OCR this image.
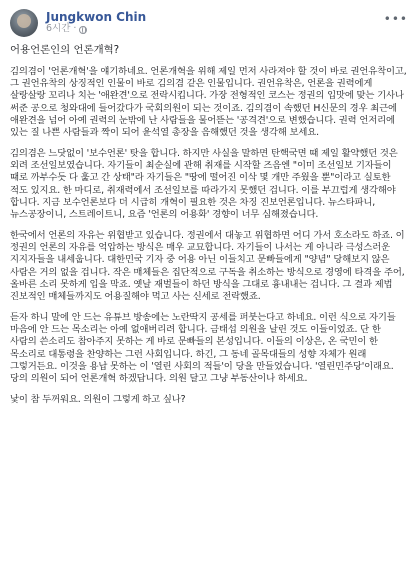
Jungkwon Chin
6시간 ·
•••

어용언론인의 언론개혁?

김의겸이 '언론개혁'을 얘기하네요. 언론개혁을 위해 제일 먼저 사라져야 할 것이 바로 권언유착이고, 그 권언유착의 상징적인 인물이 바로 김의겸 같은 인물입니다. 권언유착은, 언론을 권력에게 살랑살랑 꼬리나 치는 '애완견'으로 전락시킵니다. 가장 전형적인 코스는 정권의 입맛에 맞는 기사나 써준 공으로 청와대에 들어갔다가 국회의원이 되는 것이죠. 김의겸이 속했던 H신문의 경우 최근에 애완견을 넘어 아예 권력의 눈밖에 난 사람들을 물어뜯는 '공격견'으로 변했습니다. 권력 언저리에 있는 질 나쁜 사람들과 짝이 되어 윤석열 총장을 음해했던 것을 생각해 보세요.

김의겸은 느닷없이 '보수언론' 탓을 합니다. 하지만 사실을 말하면 탄핵국면 때 제일 활약했던 것은 외려 조선일보였습니다. 자기들이 최순실에 관해 취재를 시작할 즈음엔 "이미 조선일보 기자들이 때로 까부수듯 다 훑고 간 상태"라 자기들은 "땅에 떨어진 이삭 몇 개만 주웠을 뿐"이라고 실토한 적도 있지요. 한 마디로, 취재력에서 조선일보를 따라가지 못했던 겁니다. 이를 부끄럽게 생각해야 합니다. 지금 보수언론보다 더 시급히 개혁이 필요한 것은 차징 진보언론입니다. 뉴스타파니, 뉴스공장이니, 스트레이트니, 요즘 '언론의 어용화' 경향이 너무 심해졌습니다.

한국에서 언론의 자유는 위협받고 있습니다. 정권에서 대놓고 위협하면 어디 가서 호소라도 하죠. 이 정권의 언론의 자유를 억압하는 방식은 매우 교묘합니다. 자기들이 나서는 게 아니라 극성스러운 지지자들을 내세웁니다. 대한민국 기자 중 어용 아닌 이들치고 문빠들에게 "양념" 당해보지 않은 사람은 거의 없을 겁니다. 작은 매체들은 집단적으로 구독을 취소하는 방식으로 경영에 타격을 주어, 올바른 소리 못하게 입을 막죠. 옛날 재벌들이 하던 방식을 그대로 흉내내는 겁니다. 그 결과 제법 진보적인 매체들까지도 어용질해야 먹고 사는 신세로 전락했죠.

듣자 하니 말에 안 드는 유튜브 방송에는 노란딱지 공세를 퍼붓는다고 하네요. 이런 식으로 자기들 마음에 안 드는 목소리는 아예 없애버리려 합니다. 금태섭 의원을 날린 것도 이들이었죠. 단 한 사람의 쓴소리도 참아주지 못하는 게 바로 문빠들의 본성입니다. 이들의 이상은, 온 국민이 한 목소리로 대통령을 찬양하는 그런 사회입니다. 하긴, 그 동네 골목대들의 성향 자체가 원래 그렇거든요. 이것을 용납 못하는 이 '열린 사회의 적들'이 당을 만들었습니다. '열린민주당'이래요. 당의 의원이 되어 언론개혁 하겠답니다. 의원 달고 그냥 부동산이나 하세요.

낯이 참 두꺼워요. 의원이 그렇게 하고 싶나?
